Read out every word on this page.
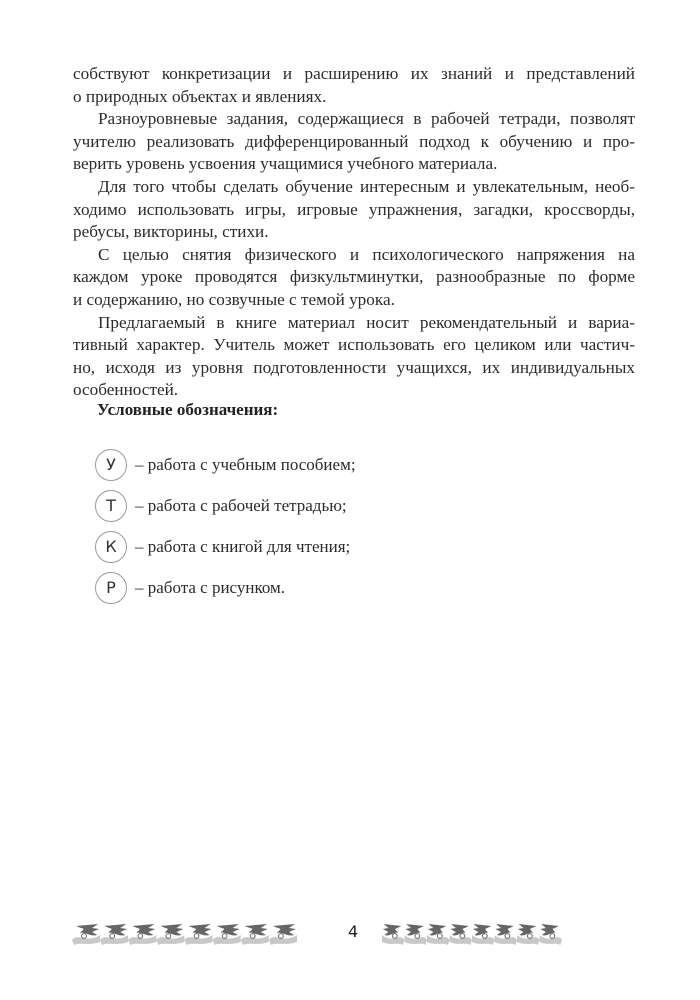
собствуют конкретизации и расширению их знаний и представлений
о природных объектах и явлениях.

Разноуровневые задания, содержащиеся в рабочей тетради, позволят
учителю реализовать дифференцированный подход к обучению и про-
верить уровень усвоения учащимися учебного материала.

Для того чтобы сделать обучение интересным и увлекательным, необ-
ходимо использовать игры, игровые упражнения, загадки, кроссворды,
ребусы, викторины, стихи.

С целью снятия физического и психологического напряжения на
каждом уроке проводятся физкультминутки, разнообразные по форме
и содержанию, но созвучные с темой урока.

Предлагаемый в книге материал носит рекомендательный и вариа-
тивный характер. Учитель может использовать его целиком или частич-
но, исходя из уровня подготовленности учащихся, их индивидуальных
особенностей.

Условные обозначения:
У	– работа с учебным пособием;
Т	– работа с рабочей тетрадью;
К	– работа с книгой для чтения;
Р	– работа с рисунком.
4
